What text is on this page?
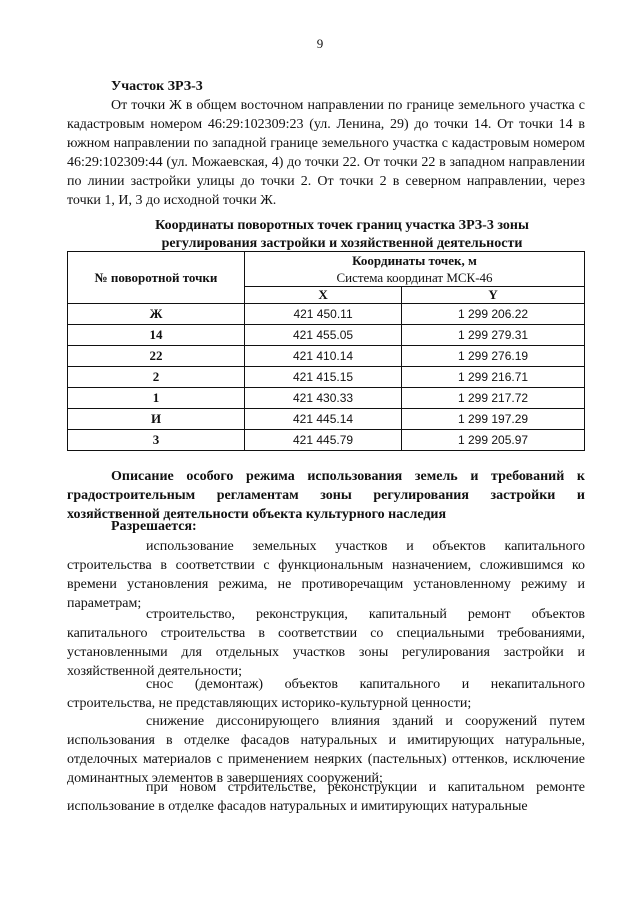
9
Участок ЗРЗ-3

От точки Ж в общем восточном направлении по границе земельного участка с кадастровым номером 46:29:102309:23 (ул. Ленина, 29) до точки 14. От точки 14 в южном направлении по западной границе земельного участка с кадастровым номером 46:29:102309:44 (ул. Можаевская, 4) до точки 22. От точки 22 в западном направлении по линии застройки улицы до точки 2. От точки 2 в северном направлении, через точки 1, И, 3 до исходной точки Ж.

Координаты поворотных точек границ участка ЗРЗ-3 зоны регулирования застройки и хозяйственной деятельности
№ поворотной точки	Координаты точек, м
Система координат МСК-46	
	X	Y
Ж	421 450.11	1 299 206.22
14	421 455.05	1 299 279.31
22	421 410.14	1 299 276.19
2	421 415.15	1 299 216.71
1	421 430.33	1 299 217.72
И	421 445.14	1 299 197.29
3	421 445.79	1 299 205.97

Описание особого режима использования земель и требований к градостроительным регламентам зоны регулирования застройки и хозяйственной деятельности объекта культурного наследия

Разрешается:

использование земельных участков и объектов капитального строительства в соответствии с функциональным назначением, сложившимся ко времени установления режима, не противоречащим установленному режиму и параметрам;

строительство, реконструкция, капитальный ремонт объектов капитального строительства в соответствии со специальными требованиями, установленными для отдельных участков зоны регулирования застройки и хозяйственной деятельности;

снос (демонтаж) объектов капитального и некапитального строительства, не представляющих историко-культурной ценности;

снижение диссонирующего влияния зданий и сооружений путем использования в отделке фасадов натуральных и имитирующих натуральные, отделочных материалов с применением неярких (пастельных) оттенков, исключение доминантных элементов в завершениях сооружений;

при новом строительстве, реконструкции и капитальном ремонте использование в отделке фасадов натуральных и имитирующих натуральные
